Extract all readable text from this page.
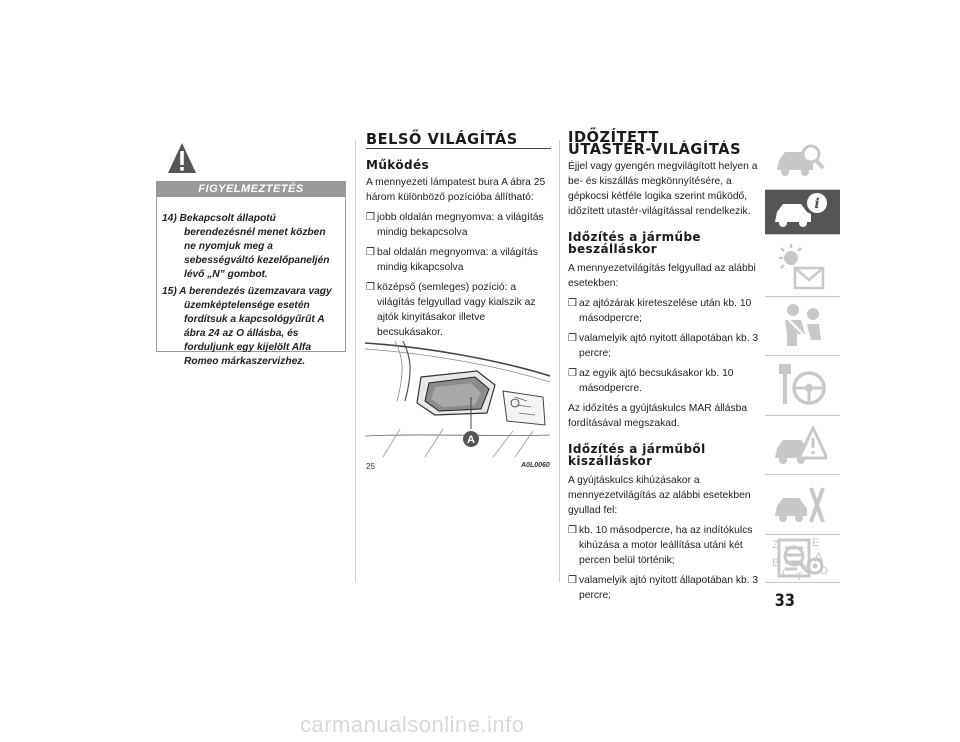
FIGYELMEZTETÉS
14) Bekapcsolt állapotú berendezésnél menet közben ne nyomjuk meg a sebességváltó kezelőpaneljén lévő „N” gombot.
15) A berendezés üzemzavara vagy üzemképtelensége esetén fordítsuk a kapcsológyűrűt A ábra 24 az O állásba, és forduljunk egy kijelölt Alfa Romeo márkaszervizhez.
BELSŐ VILÁGÍTÁS
Működés

A mennyezeti lámpatest bura A ábra 25 három különböző pozícióba állítható:

❒ jobb oldalán megnyomva: a világítás mindig bekapcsolva
❒ bal oldalán megnyomva: a világítás mindig kikapcsolva
❒ középső (semleges) pozíció: a világítás felgyullad vagy kialszik az ajtók kinyitásakor illetve becsukásakor.
A
25	A0L0060
IDŐZÍTETT
UTASTÉR-VILÁGÍTÁS

Éjjel vagy gyengén megvilágított helyen a be- és kiszállás megkönnyítésére, a gépkocsi kétféle logika szerint működő, időzített utastér-világítással rendelkezik.

Időzítés a járműbe
beszálláskor

A mennyezetvilágítás felgyullad az alábbi esetekben:

❒ az ajtózárak kireteszelése után kb. 10 másodpercre;
❒ valamelyik ajtó nyitott állapotában kb. 3 percre;
❒ az egyik ajtó becsukásakor kb. 10 másodpercre.

Az időzítés a gyújtáskulcs MAR állásba fordításával megszakad.

Időzítés a járműből
kiszálláskor

A gyújtáskulcs kihúzásakor a mennyezetvilágítás az alábbi esetekben gyullad fel:

❒ kb. 10 másodpercre, ha az indítókulcs kihúzása a motor leállítása utáni két percen belül történik;
❒ valamelyik ajtó nyitott állapotában kb. 3 percre;
i
Z	E
A
B
C	D
T
33
carmanualsonline.info
